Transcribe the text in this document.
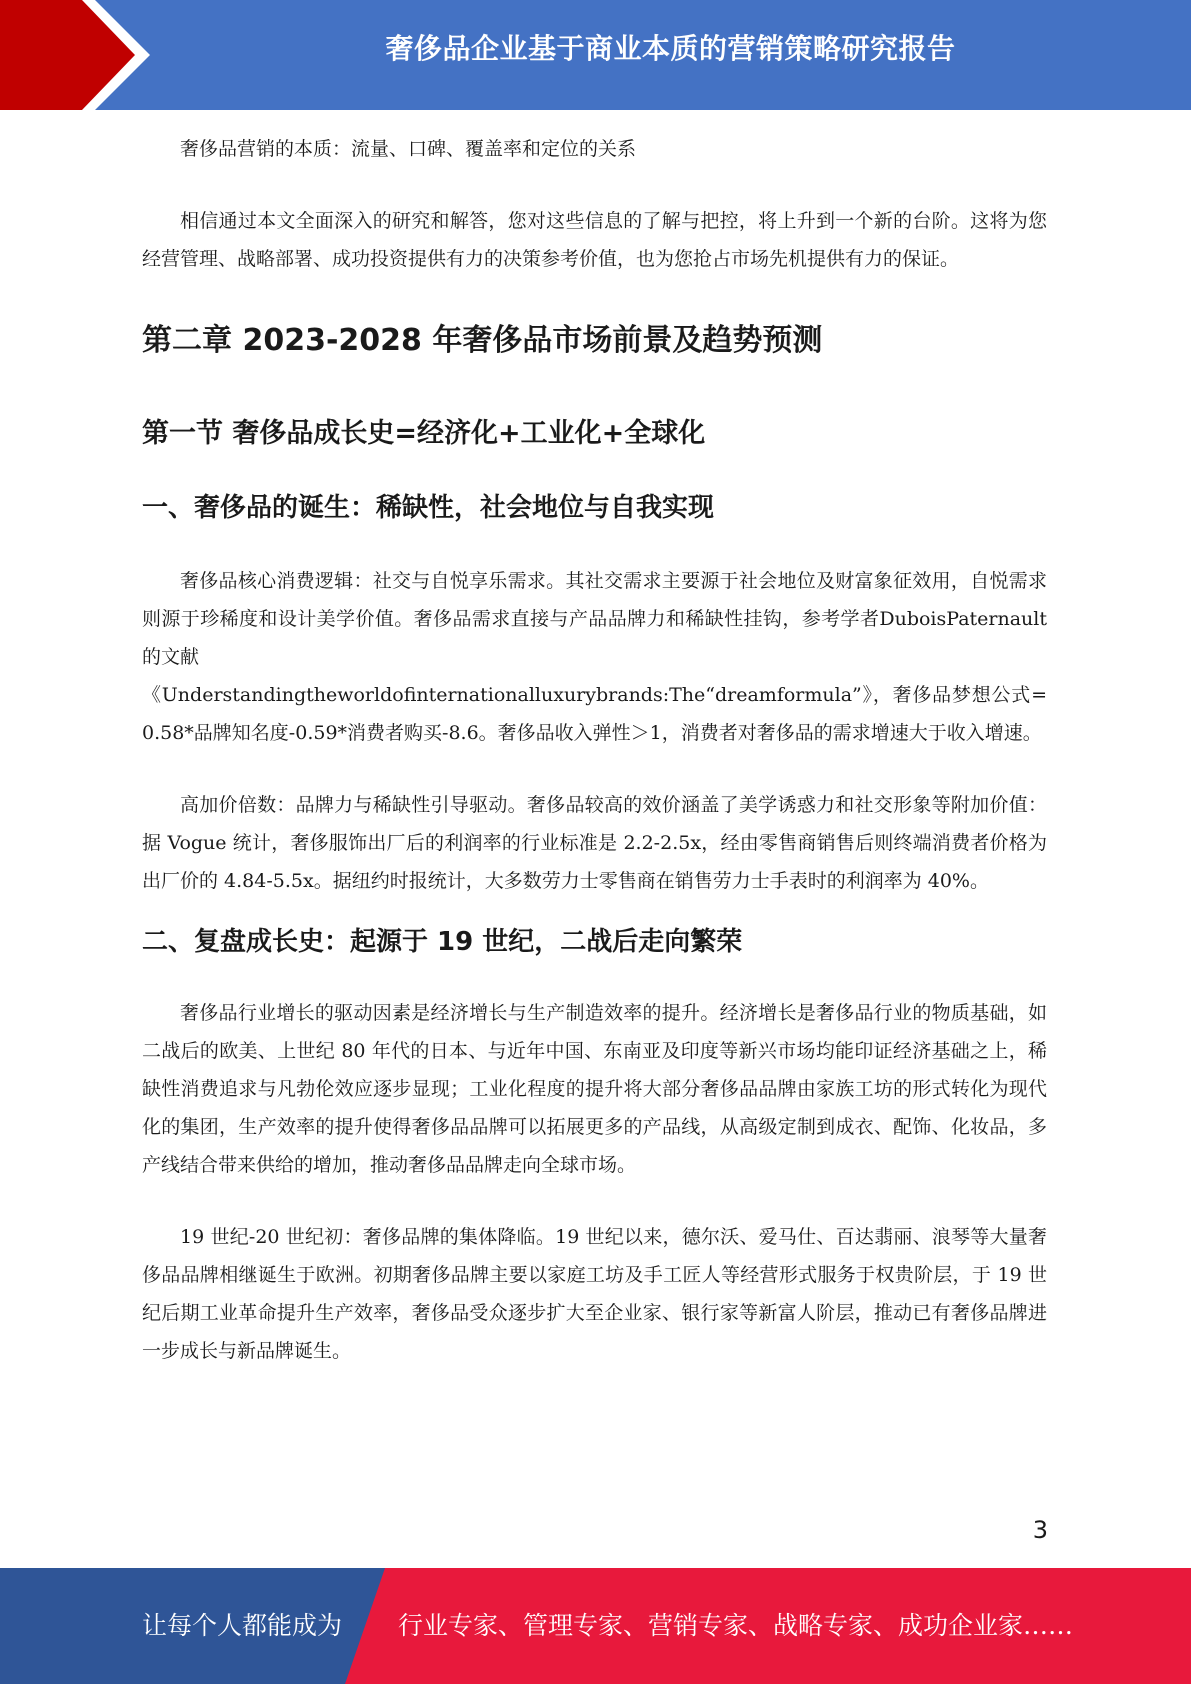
奢侈品企业基于商业本质的营销策略研究报告

奢侈品营销的本质：流量、口碑、覆盖率和定位的关系

相信通过本文全面深入的研究和解答，您对这些信息的了解与把控，将上升到一个新的台阶。这将为您经营管理、战略部署、成功投资提供有力的决策参考价值，也为您抢占市场先机提供有力的保证。

第二章 2023-2028 年奢侈品市场前景及趋势预测
第一节 奢侈品成长史=经济化+工业化+全球化
一、奢侈品的诞生：稀缺性，社会地位与自我实现

奢侈品核心消费逻辑：社交与自悦享乐需求。其社交需求主要源于社会地位及财富象征效用，自悦需求则源于珍稀度和设计美学价值。奢侈品需求直接与产品品牌力和稀缺性挂钩，参考学者DuboisPaternault 的文献

《Understandingtheworldofinternationalluxurybrands:The“dreamformula”》，奢侈品梦想公式=0.58*品牌知名度-0.59*消费者购买-8.6。奢侈品收入弹性＞1，消费者对奢侈品的需求增速大于收入增速。

高加价倍数：品牌力与稀缺性引导驱动。奢侈品较高的效价涵盖了美学诱惑力和社交形象等附加价值：据 Vogue 统计，奢侈服饰出厂后的利润率的行业标准是 2.2-2.5x，经由零售商销售后则终端消费者价格为出厂价的 4.84-5.5x。据纽约时报统计，大多数劳力士零售商在销售劳力士手表时的利润率为 40%。

二、复盘成长史：起源于 19 世纪，二战后走向繁荣

奢侈品行业增长的驱动因素是经济增长与生产制造效率的提升。经济增长是奢侈品行业的物质基础，如二战后的欧美、上世纪 80 年代的日本、与近年中国、东南亚及印度等新兴市场均能印证经济基础之上，稀缺性消费追求与凡勃伦效应逐步显现；工业化程度的提升将大部分奢侈品品牌由家族工坊的形式转化为现代化的集团，生产效率的提升使得奢侈品品牌可以拓展更多的产品线，从高级定制到成衣、配饰、化妆品，多产线结合带来供给的增加，推动奢侈品品牌走向全球市场。

19 世纪-20 世纪初：奢侈品牌的集体降临。19 世纪以来，德尔沃、爱马仕、百达翡丽、浪琴等大量奢侈品品牌相继诞生于欧洲。初期奢侈品牌主要以家庭工坊及手工匠人等经营形式服务于权贵阶层，于 19 世纪后期工业革命提升生产效率，奢侈品受众逐步扩大至企业家、银行家等新富人阶层，推动已有奢侈品牌进一步成长与新品牌诞生。

3
让每个人都能成为 行业专家、管理专家、营销专家、战略专家、成功企业家……
